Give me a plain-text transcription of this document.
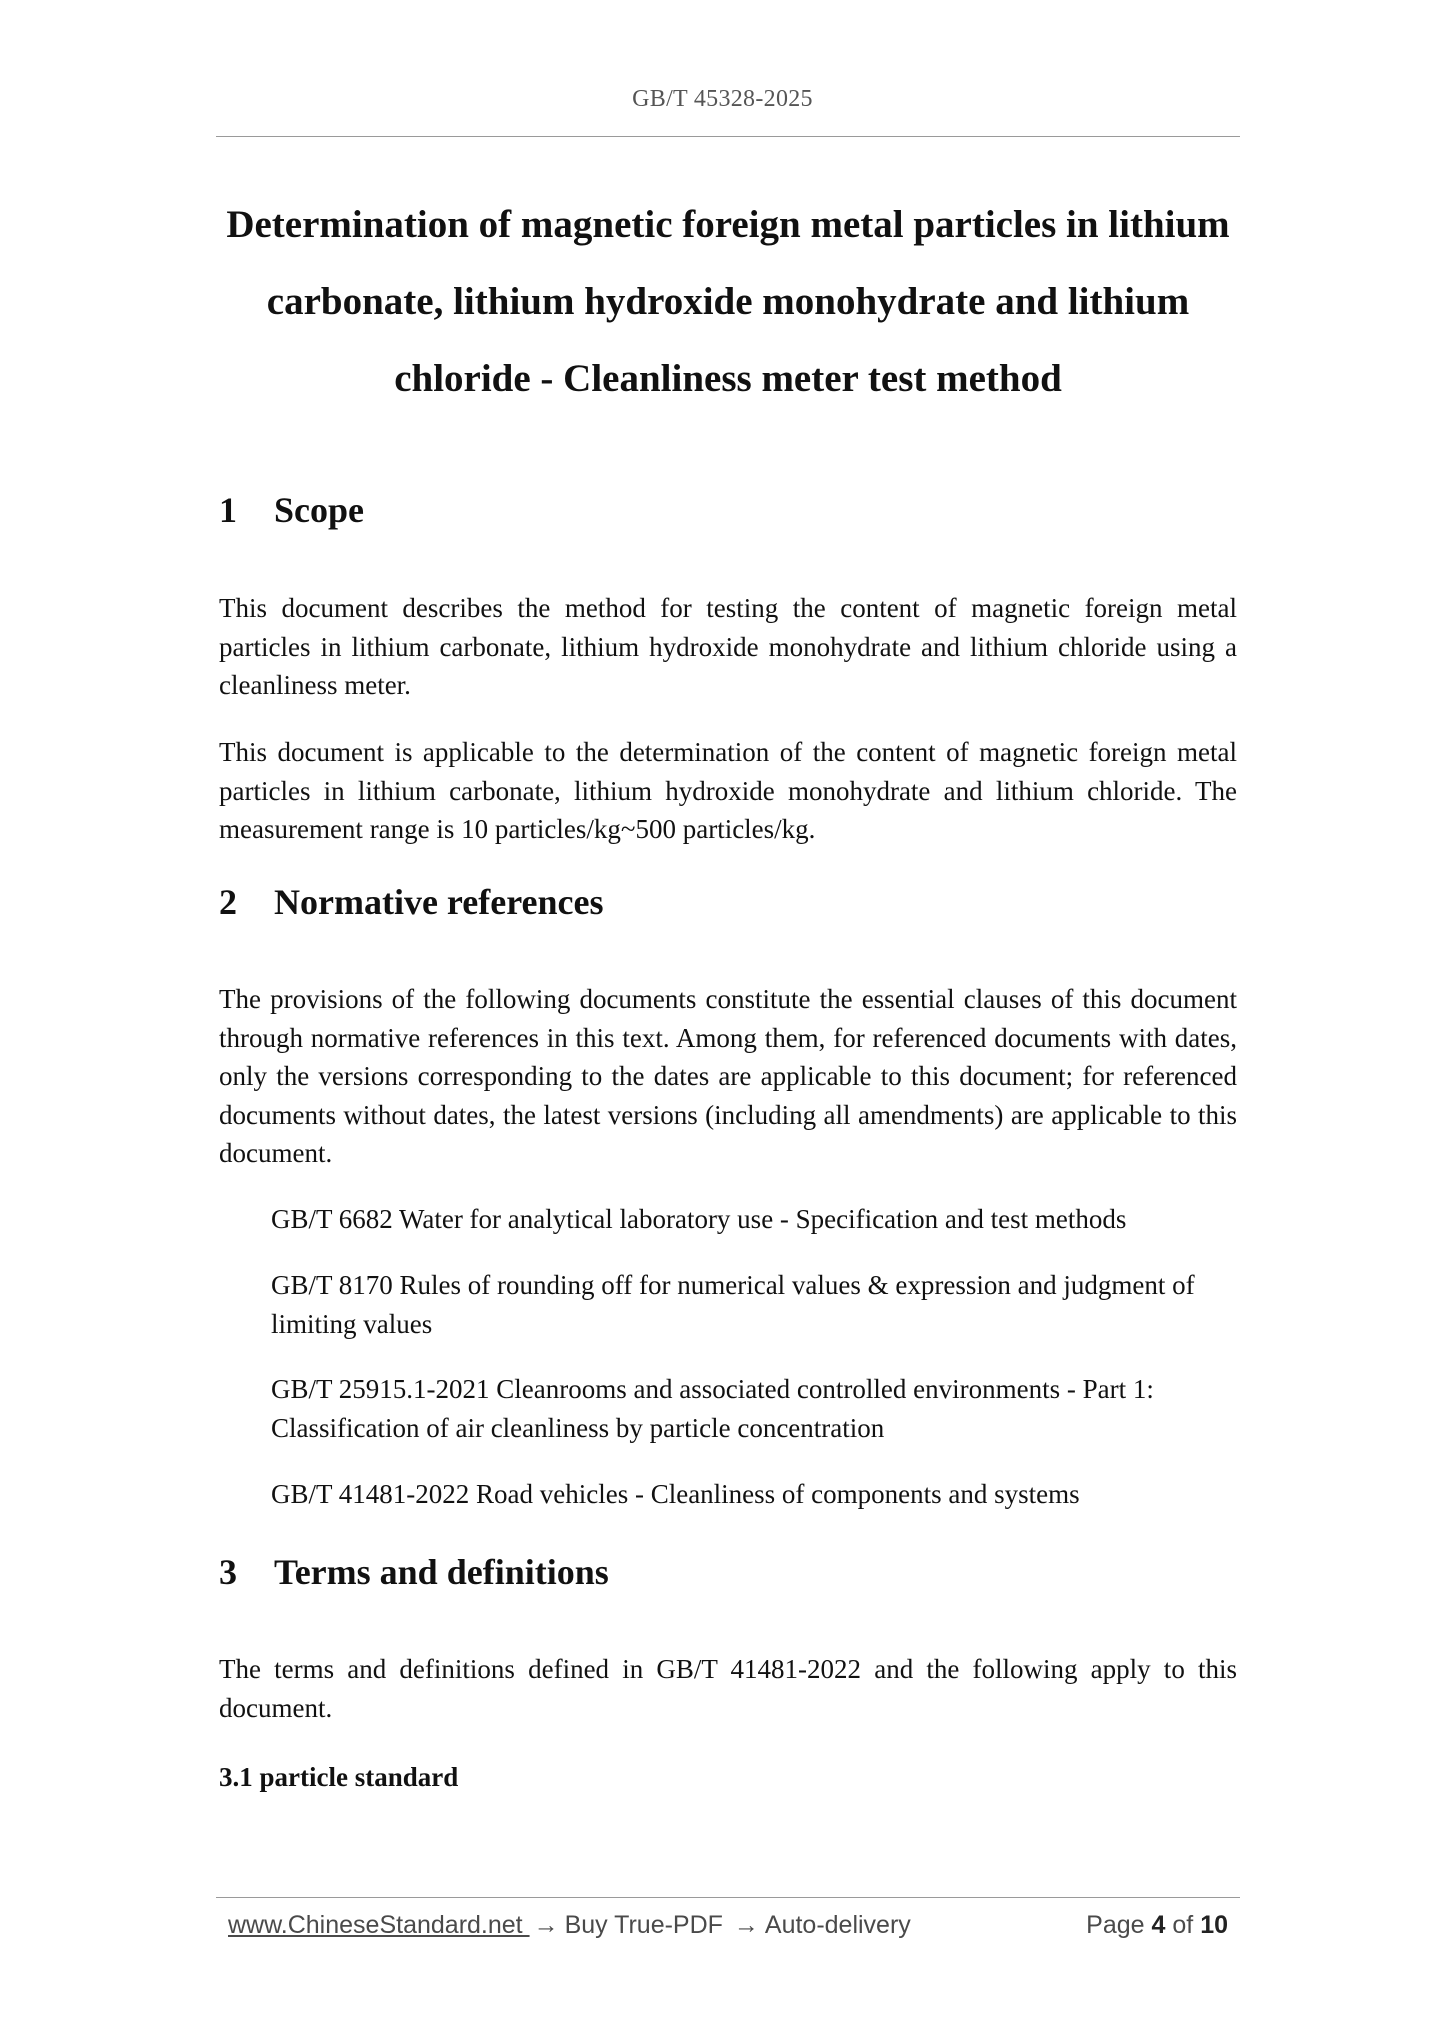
GB/T 45328-2025
Determination of magnetic foreign metal particles in lithium carbonate, lithium hydroxide monohydrate and lithium chloride - Cleanliness meter test method
1	Scope

This document describes the method for testing the content of magnetic foreign metal particles in lithium carbonate, lithium hydroxide monohydrate and lithium chloride using a cleanliness meter.

This document is applicable to the determination of the content of magnetic foreign metal particles in lithium carbonate, lithium hydroxide monohydrate and lithium chloride. The measurement range is 10 particles/kg~500 particles/kg.

2	Normative references

The provisions of the following documents constitute the essential clauses of this document through normative references in this text. Among them, for referenced documents with dates, only the versions corresponding to the dates are applicable to this document; for referenced documents without dates, the latest versions (including all amendments) are applicable to this document.

GB/T 6682 Water for analytical laboratory use - Specification and test methods

GB/T 8170 Rules of rounding off for numerical values & expression and judgment of limiting values

GB/T 25915.1-2021 Cleanrooms and associated controlled environments - Part 1: Classification of air cleanliness by particle concentration

GB/T 41481-2022 Road vehicles - Cleanliness of components and systems

3	Terms and definitions

The terms and definitions defined in GB/T 41481-2022 and the following apply to this document.

3.1 particle standard

www.ChineseStandard.net → Buy True-PDF → Auto-delivery	Page 4 of 10
